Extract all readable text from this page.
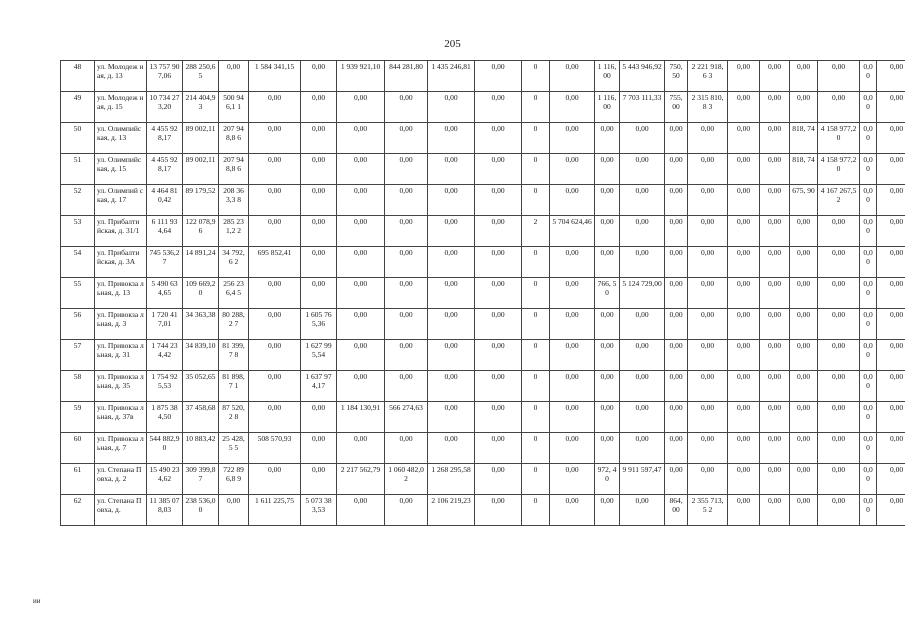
205
48	ул. Молодеж ная, д. 13	13 757 907,06	288 250,65	0,00	1 584 341,15	0,00	1 939 921,10	844 281,80	1 435 246,81	0,00	0	0,00	1 116, 00	5 443 946,92	750, 50	2 221 918,6 3	0,00	0,00	0,00	0,00	0,0 0	0,00
49	ул. Молодеж ная, д. 15	10 734 273,20	214 404,93	500 946,1 1	0,00	0,00	0,00	0,00	0,00	0,00	0	0,00	1 116, 00	7 703 111,33	755, 00	2 315 810,8 3	0,00	0,00	0,00	0,00	0,0 0	0,00
50	ул. Олимпийс кая, д. 13	4 455 928,17	89 002,11	207 948,8 6	0,00	0,00	0,00	0,00	0,00	0,00	0	0,00	0,00	0,00	0,00	0,00	0,00	0,00	818, 74	4 158 977,20	0,0 0	0,00
51	ул. Олимпийс кая, д. 15	4 455 928,17	89 002,11	207 948,8 6	0,00	0,00	0,00	0,00	0,00	0,00	0	0,00	0,00	0,00	0,00	0,00	0,00	0,00	818, 74	4 158 977,20	0,0 0	0,00
52	ул. Олимпий ская, д. 17	4 464 810,42	89 179,52	208 363,3 8	0,00	0,00	0,00	0,00	0,00	0,00	0	0,00	0,00	0,00	0,00	0,00	0,00	0,00	675, 90	4 167 267,52	0,0 0	0,00
53	ул. Прибалти йская, д. 31/1	6 111 934,64	122 078,96	285 231,2 2	0,00	0,00	0,00	0,00	0,00	0,00	2	5 704 624,46	0,00	0,00	0,00	0,00	0,00	0,00	0,00	0,00	0,0 0	0,00
54	ул. Прибалти йская, д. 3А	745 536,27	14 891,24	34 792,6 2	695 852,41	0,00	0,00	0,00	0,00	0,00	0	0,00	0,00	0,00	0,00	0,00	0,00	0,00	0,00	0,00	0,0 0	0,00
55	ул. Привокза льная, д. 13	5 490 634,65	109 669,20	256 236,4 5	0,00	0,00	0,00	0,00	0,00	0,00	0	0,00	766, 50	5 124 729,00	0,00	0,00	0,00	0,00	0,00	0,00	0,0 0	0,00
56	ул. Привокза льная, д. 3	1 720 417,01	34 363,38	80 288,2 7	0,00	1 605 765,36	0,00	0,00	0,00	0,00	0	0,00	0,00	0,00	0,00	0,00	0,00	0,00	0,00	0,00	0,0 0	0,00
57	ул. Привокза льная, д. 31	1 744 234,42	34 839,10	81 399,7 8	0,00	1 627 995,54	0,00	0,00	0,00	0,00	0	0,00	0,00	0,00	0,00	0,00	0,00	0,00	0,00	0,00	0,0 0	0,00
58	ул. Привокза льная, д. 35	1 754 925,53	35 052,65	81 898,7 1	0,00	1 637 974,17	0,00	0,00	0,00	0,00	0	0,00	0,00	0,00	0,00	0,00	0,00	0,00	0,00	0,00	0,0 0	0,00
59	ул. Привокза льная, д. 37в	1 875 384,50	37 458,68	87 520,2 8	0,00	0,00	1 184 130,91	566 274,63	0,00	0,00	0	0,00	0,00	0,00	0,00	0,00	0,00	0,00	0,00	0,00	0,0 0	0,00
60	ул. Привокза льная, д. 7	544 882,90	10 883,42	25 428,5 5	508 570,93	0,00	0,00	0,00	0,00	0,00	0	0,00	0,00	0,00	0,00	0,00	0,00	0,00	0,00	0,00	0,0 0	0,00
61	ул. Степана Повха, д. 2	15 490 234,62	309 399,87	722 896,8 9	0,00	0,00	2 217 562,79	1 060 482,02	1 268 295,58	0,00	0	0,00	972, 40	9 911 597,47	0,00	0,00	0,00	0,00	0,00	0,00	0,0 0	0,00
62	ул. Степана Повха, д.	11 385 078,03	238 536,00	0,00	1 611 225,75	5 073 383,53	0,00	0,00	2 106 219,23	0,00	0	0,00	0,00	0,00	864, 00	2 355 713,5 2	0,00	0,00	0,00	0,00	0,0 0	0,00
ии
